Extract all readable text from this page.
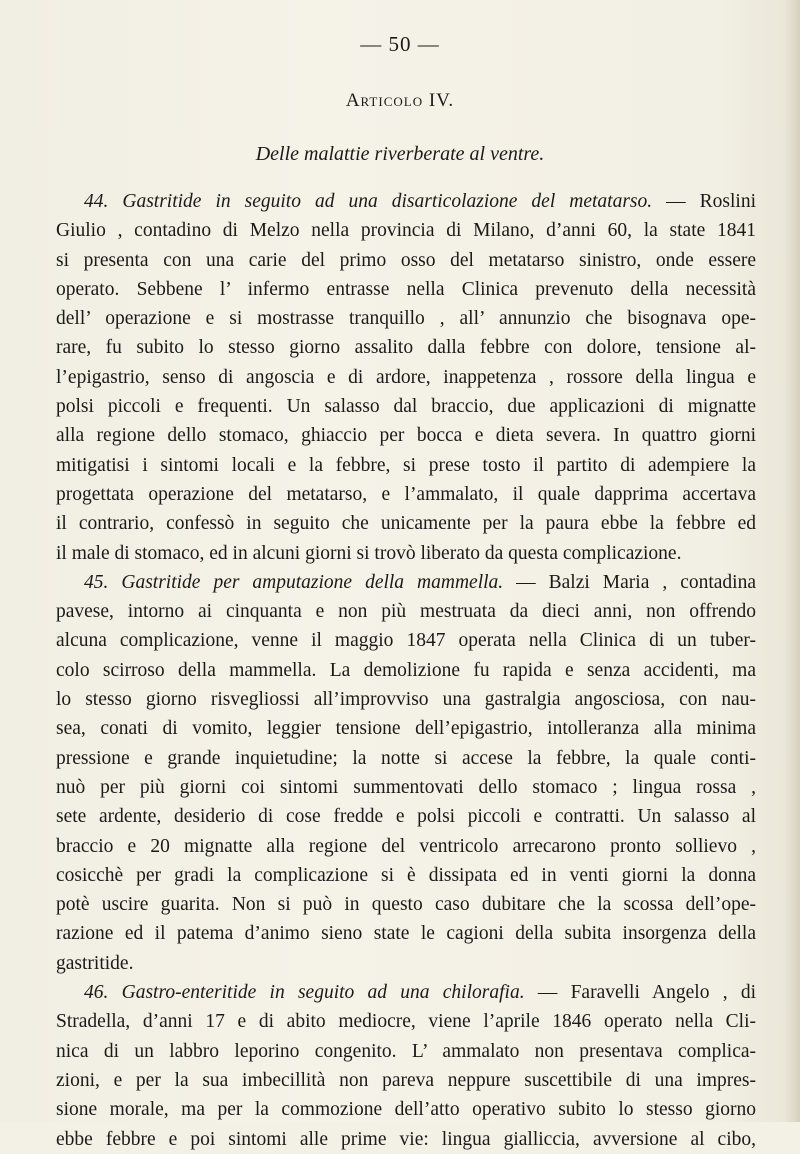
— 50 —
Articolo IV.
Delle malattie riverberate al ventre.
44. Gastritide in seguito ad una disarticolazione del metatarso. — Roslini
Giulio , contadino di Melzo nella provincia di Milano, d’anni 60, la state 1841
si presenta con una carie del primo osso del metatarso sinistro, onde essere
operato. Sebbene l’ infermo entrasse nella Clinica prevenuto della necessità
dell’ operazione e si mostrasse tranquillo , all’ annunzio che bisognava ope-
rare, fu subito lo stesso giorno assalito dalla febbre con dolore, tensione al-
l’epigastrio, senso di angoscia e di ardore, inappetenza , rossore della lingua e
polsi piccoli e frequenti. Un salasso dal braccio, due applicazioni di mignatte
alla regione dello stomaco, ghiaccio per bocca e dieta severa. In quattro giorni
mitigatisi i sintomi locali e la febbre, si prese tosto il partito di adempiere la
progettata operazione del metatarso, e l’ammalato, il quale dapprima accertava
il contrario, confessò in seguito che unicamente per la paura ebbe la febbre ed
il male di stomaco, ed in alcuni giorni si trovò liberato da questa complicazione.
45. Gastritide per amputazione della mammella. — Balzi Maria , contadina
pavese, intorno ai cinquanta e non più mestruata da dieci anni, non offrendo
alcuna complicazione, venne il maggio 1847 operata nella Clinica di un tuber-
colo scirroso della mammella. La demolizione fu rapida e senza accidenti, ma
lo stesso giorno risvegliossi all’improvviso una gastralgia angosciosa, con nau-
sea, conati di vomito, leggier tensione dell’epigastrio, intolleranza alla minima
pressione e grande inquietudine; la notte si accese la febbre, la quale conti-
nuò per più giorni coi sintomi summentovati dello stomaco ; lingua rossa ,
sete ardente, desiderio di cose fredde e polsi piccoli e contratti. Un salasso al
braccio e 20 mignatte alla regione del ventricolo arrecarono pronto sollievo ,
cosicchè per gradi la complicazione si è dissipata ed in venti giorni la donna
potè uscire guarita. Non si può in questo caso dubitare che la scossa dell’ope-
razione ed il patema d’animo sieno state le cagioni della subita insorgenza della
gastritide.
46. Gastro-enteritide in seguito ad una chilorafia. — Faravelli Angelo , di
Stradella, d’anni 17 e di abito mediocre, viene l’aprile 1846 operato nella Cli-
nica di un labbro leporino congenito. L’ ammalato non presentava complica-
zioni, e per la sua imbecillità non pareva neppure suscettibile di una impres-
sione morale, ma per la commozione dell’atto operativo subito lo stesso giorno
ebbe febbre e poi sintomi alle prime vie: lingua gialliccia, avversione al cibo,
